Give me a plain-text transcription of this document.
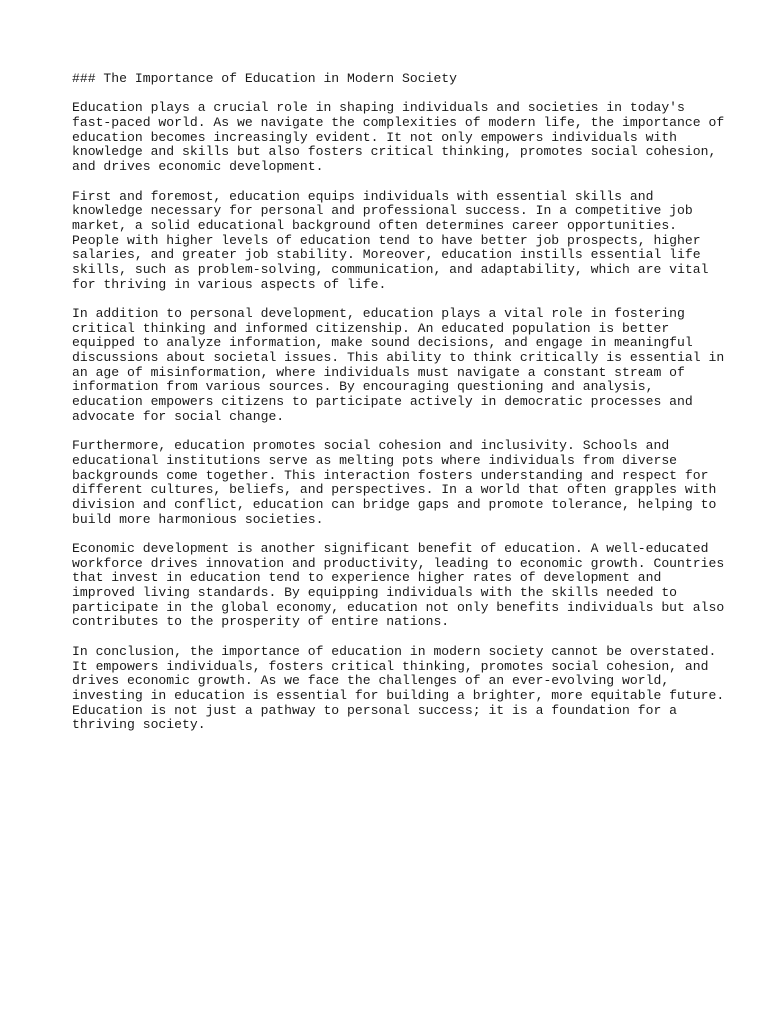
### The Importance of Education in Modern Society
Education plays a crucial role in shaping individuals and societies in today's
fast-paced world. As we navigate the complexities of modern life, the importance of
education becomes increasingly evident. It not only empowers individuals with
knowledge and skills but also fosters critical thinking, promotes social cohesion,
and drives economic development.
First and foremost, education equips individuals with essential skills and
knowledge necessary for personal and professional success. In a competitive job
market, a solid educational background often determines career opportunities.
People with higher levels of education tend to have better job prospects, higher
salaries, and greater job stability. Moreover, education instills essential life
skills, such as problem-solving, communication, and adaptability, which are vital
for thriving in various aspects of life.
In addition to personal development, education plays a vital role in fostering
critical thinking and informed citizenship. An educated population is better
equipped to analyze information, make sound decisions, and engage in meaningful
discussions about societal issues. This ability to think critically is essential in
an age of misinformation, where individuals must navigate a constant stream of
information from various sources. By encouraging questioning and analysis,
education empowers citizens to participate actively in democratic processes and
advocate for social change.
Furthermore, education promotes social cohesion and inclusivity. Schools and
educational institutions serve as melting pots where individuals from diverse
backgrounds come together. This interaction fosters understanding and respect for
different cultures, beliefs, and perspectives. In a world that often grapples with
division and conflict, education can bridge gaps and promote tolerance, helping to
build more harmonious societies.
Economic development is another significant benefit of education. A well-educated
workforce drives innovation and productivity, leading to economic growth. Countries
that invest in education tend to experience higher rates of development and
improved living standards. By equipping individuals with the skills needed to
participate in the global economy, education not only benefits individuals but also
contributes to the prosperity of entire nations.
In conclusion, the importance of education in modern society cannot be overstated.
It empowers individuals, fosters critical thinking, promotes social cohesion, and
drives economic growth. As we face the challenges of an ever-evolving world,
investing in education is essential for building a brighter, more equitable future.
Education is not just a pathway to personal success; it is a foundation for a
thriving society.
